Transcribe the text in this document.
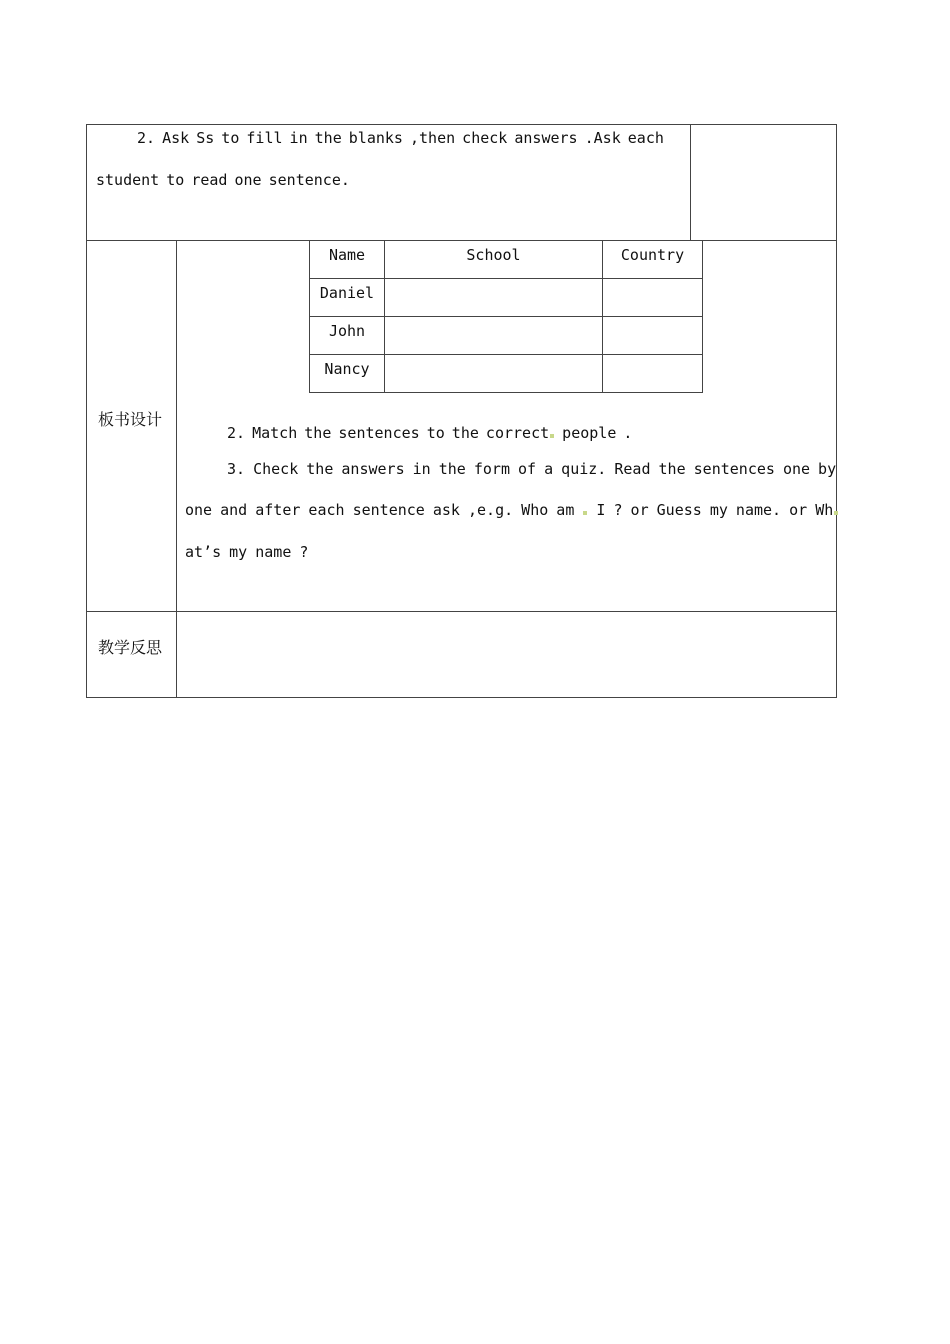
2. Ask Ss to fill in the blanks ,then check answers .Ask each
student to read one sentence.
板书设计
Name	School	Country
Daniel		
John		
Nancy		
2. Match the sentences to the correct people .
3. Check the answers in the form of a quiz. Read the sentences one by
one and after each sentence ask ,e.g. Who am  I ? or Guess my name. or Wh
at’s my name ?
教学反思
